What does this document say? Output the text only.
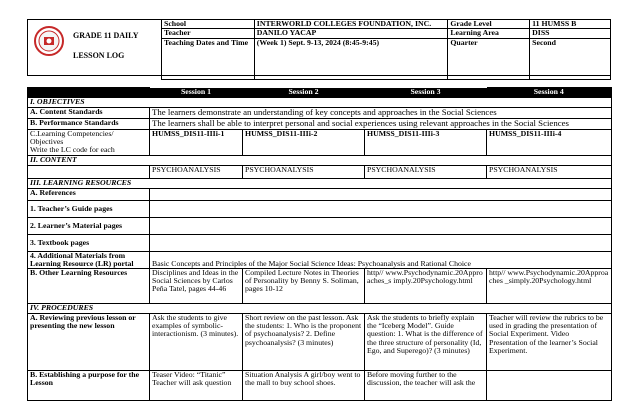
GRADE 11 DAILY
LESSON LOG
School	INTERWORLD COLLEGES FOUNDATION, INC.	Grade Level	11 HUMSS B
Teacher	DANILO YACAP	Learning Area	DISS
Teaching Dates and Time	(Week 1) Sept. 9-13, 2024 (8:45-9:45)	Quarter	Second
	Session 1	Session 2	Session 3	Session 4
I. OBJECTIVES				
A. Content Standards	The learners demonstrate an understanding of key concepts and approaches in the Social Sciences			
B. Performance Standards	The learners shall be able to interpret personal and social experiences using relevant approaches in the Social Sciences			

C.Learning Competencies/ Objectives
Write the LC code for each	HUMSS_DIS11-IIIi-1	HUMSS_DIS11-IIIi-2	HUMSS_DIS11-IIIi-3	HUMSS_DIS11-IIIi-4
II. CONTENT				
	PSYCHOANALYSIS	PSYCHOANALYSIS	PSYCHOANALYSIS	PSYCHOANALYSIS
III. LEARNING RESOURCES				
A. References				
1. Teacher’s Guide pages				
2. Learner’s Material pages				
3. Textbook pages				
4. Additional Materials from Learning Resource (LR) portal	Basic Concepts and Principles of the Major Social Science Ideas: Psychoanalysis and Rational Choice			
B. Other Learning Resources	Disciplines and Ideas in the Social Sciences by Carlos Peña Tatel, pages 44-46	Compiled Lecture Notes in Theories of Personality by Benny S. Soliman, pages 10-12	http// www.Psychodynamic.20Approaches_s imply.20Psychology.html	http// www.Psychodynamic.20Approaches _simply.20Psychology.html
IV. PROCEDURES				
A. Reviewing previous lesson or presenting the new lesson	Ask the students to give examples of symbolic-interactionism. (3 minutes).	Short review on the past lesson. Ask the students: 1. Who is the proponent of psychoanalysis? 2. Define psychoanalysis? (3 minutes)	Ask the students to briefly explain the “Iceberg Model”. Guide question: 1. What is the difference of the three structure of personality (Id, Ego, and Superego)? (3 minutes)	Teacher will review the rubrics to be used in grading the presentation of Social Experiment. Video Presentation of the learner’s Social Experiment.
B. Establishing a purpose for the Lesson	Teaser Video: “Titanic” Teacher will ask question	Situation Analysis A girl/boy went to the mall to buy school shoes.	Before moving further to the discussion, the teacher will ask the	
